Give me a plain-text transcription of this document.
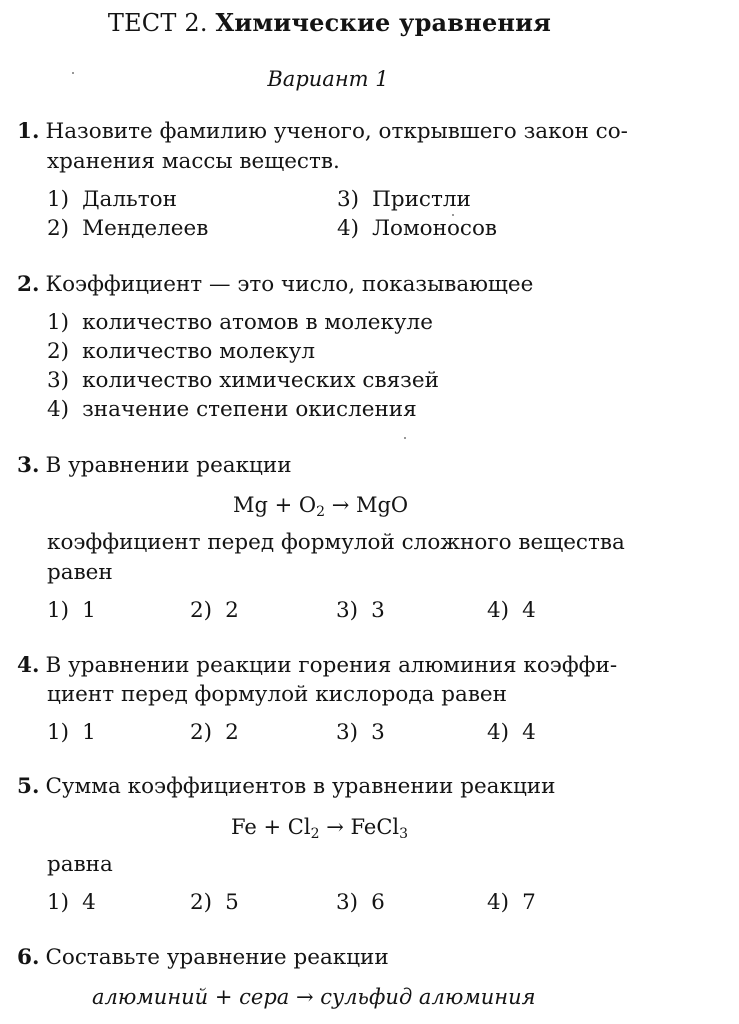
ТЕСТ 2. Химические уравнения
Вариант 1
1. Назовите фамилию ученого, открывшего закон со-
хранения массы веществ.
1) Дальтон
2) Менделеев
3) Пристли
4) Ломоносов
2. Коэффициент — это число, показывающее
1) количество атомов в молекуле
2) количество молекул
3) количество химических связей
4) значение степени окисления
3. В уравнении реакции
$Mg + O_2$ → MgO
коэффициент перед формулой сложного вещества
равен
1) 1	2) 2	3) 3	4) 4
4. В уравнении реакции горения алюминия коэффи-
циент перед формулой кислорода равен
1) 1	2) 2	3) 3	4) 4
5. Сумма коэффициентов в уравнении реакции
$Fe + Cl_2$ → FeCl$_3$
равна
1) 4	2) 5	3) 6	4) 7
6. Составьте уравнение реакции
алюминий + сера → сульфид алюминия
